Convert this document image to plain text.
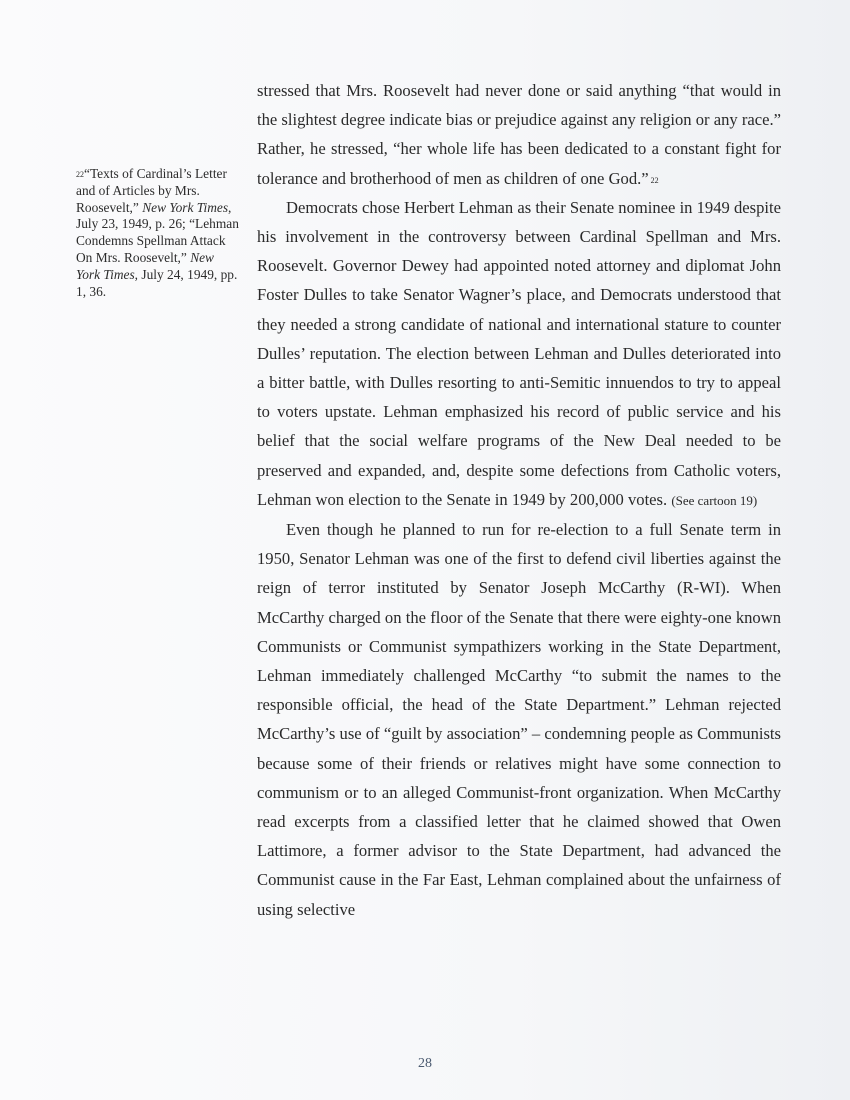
$^{22}$“Texts of Cardinal’s Letter and of Articles by Mrs. Roosevelt,” New York Times, July 23, 1949, p. 26; “Lehman Condemns Spellman Attack On Mrs. Roosevelt,” New York Times, July 24, 1949, pp. 1, 36.

stressed that Mrs. Roosevelt had never done or said anything “that would in the slightest degree indicate bias or prejudice against any religion or any race.” Rather, he stressed, “her whole life has been dedicated to a constant fight for tolerance and brotherhood of men as children of one God.” $^{22}$

Democrats chose Herbert Lehman as their Senate nominee in 1949 despite his involvement in the controversy between Cardinal Spellman and Mrs. Roosevelt. Governor Dewey had appointed noted attorney and diplomat John Foster Dulles to take Senator Wagner’s place, and Democrats understood that they needed a strong candidate of national and international stature to counter Dulles’ reputation. The election between Lehman and Dulles deteriorated into a bitter battle, with Dulles resorting to anti-Semitic innuendos to try to appeal to voters upstate. Lehman emphasized his record of public service and his belief that the social welfare programs of the New Deal needed to be preserved and expanded, and, despite some defections from Catholic voters, Lehman won election to the Senate in 1949 by 200,000 votes. (See cartoon 19)

Even though he planned to run for re-election to a full Senate term in 1950, Senator Lehman was one of the first to defend civil liberties against the reign of terror instituted by Senator Joseph McCarthy (R-WI). When McCarthy charged on the floor of the Senate that there were eighty-one known Communists or Communist sympathizers working in the State Department, Lehman immediately challenged McCarthy “to submit the names to the responsible official, the head of the State Department.” Lehman rejected McCarthy’s use of “guilt by association” – condemning people as Communists because some of their friends or relatives might have some connection to communism or to an alleged Communist-front organization. When McCarthy read excerpts from a classified letter that he claimed showed that Owen Lattimore, a former advisor to the State Department, had advanced the Communist cause in the Far East, Lehman complained about the unfairness of using selective

28
